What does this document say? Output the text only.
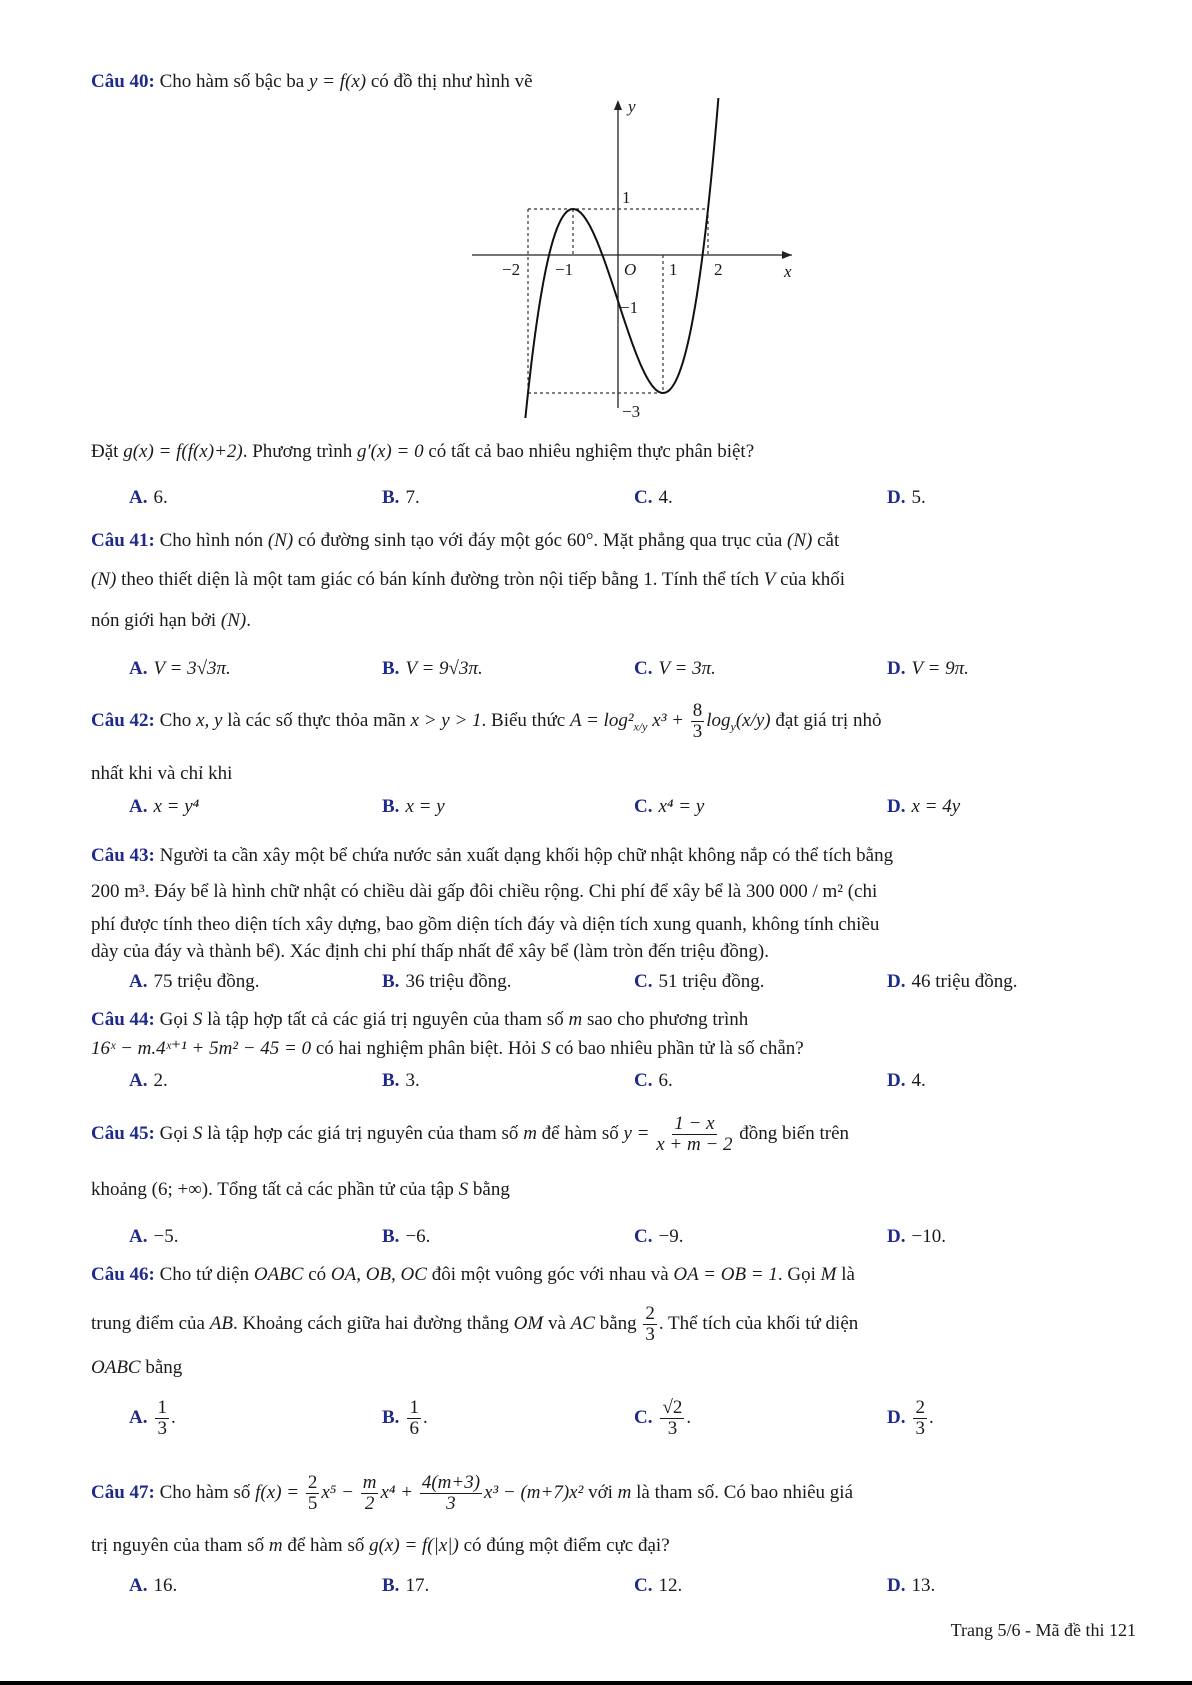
Câu 40: Cho hàm số bậc ba y = f(x) có đồ thị như hình vẽ
Đặt g(x) = f(f(x)+2). Phương trình g′(x) = 0 có tất cả bao nhiêu nghiệm thực phân biệt?
A. 6.	B. 7.	C. 4.	D. 5.
Câu 41: Cho hình nón (N) có đường sinh tạo với đáy một góc 60°. Mặt phẳng qua trục của (N) cắt
(N) theo thiết diện là một tam giác có bán kính đường tròn nội tiếp bằng 1. Tính thể tích V của khối
nón giới hạn bởi (N).
A. V = 3√3π.	B. V = 9√3π.	C. V = 3π.	D. V = 9π.
Câu 42: Cho x, y là các số thực thỏa mãn x > y > 1. Biểu thức $A = \log^2_{x/y}$ $x^3 + \frac{8}{3} \log_y(x/y)$ đạt giá trị nhỏ
nhất khi và chỉ khi
A. x = y⁴	B. x = y	C. x⁴ = y	D. x = 4y
Câu 43: Người ta cần xây một bể chứa nước sản xuất dạng khối hộp chữ nhật không nắp có thể tích bằng
200 m³. Đáy bể là hình chữ nhật có chiều dài gấp đôi chiều rộng. Chi phí để xây bể là 300 000 / m² (chi
phí được tính theo diện tích xây dựng, bao gồm diện tích đáy và diện tích xung quanh, không tính chiều
dày của đáy và thành bể). Xác định chi phí thấp nhất để xây bể (làm tròn đến triệu đồng).
A. 75 triệu đồng.	B. 36 triệu đồng.	C. 51 triệu đồng.	D. 46 triệu đồng.
Câu 44: Gọi S là tập hợp tất cả các giá trị nguyên của tham số m sao cho phương trình
16ˣ − m.4ˣ⁺¹ + 5m² − 45 = 0 có hai nghiệm phân biệt. Hỏi S có bao nhiêu phần tử là số chẵn?
A. 2.	B. 3.	C. 6.	D. 4.
Câu 45: Gọi S là tập hợp các giá trị nguyên của tham số m để hàm số $y = \frac{1 - x}{x + m - 2}$ đồng biến trên
khoảng (6; +∞). Tổng tất cả các phần tử của tập S bằng
A. −5.	B. −6.	C. −9.	D. −10.
Câu 46: Cho tứ diện OABC có OA, OB, OC đôi một vuông góc với nhau và OA = OB = 1. Gọi M là
trung điểm của AB. Khoảng cách giữa hai đường thẳng OM và AC bằng $\frac{2}{3}$ . Thể tích của khối tứ diện
OABC bằng
A. $\frac{1}{3}$ .	B. $\frac{1}{6}$ .	C. $\frac{√2}{3}$ .	D. $\frac{2}{3}$ .
Câu 47: Cho hàm số $f(x) = \frac{2}{5} x^5 - \frac{m}{2} x^4 + \frac{4(m+3)}{3} x^3 - (m+7)x^2$ với m là tham số. Có bao nhiêu giá
trị nguyên của tham số m để hàm số g(x) = f(|x|) có đúng một điểm cực đại?
A. 16.	B. 17.	C. 12.	D. 13.
y
x
O
−2 −1	1 2
1
−1
−3
Trang 5/6 - Mã đề thi 121
